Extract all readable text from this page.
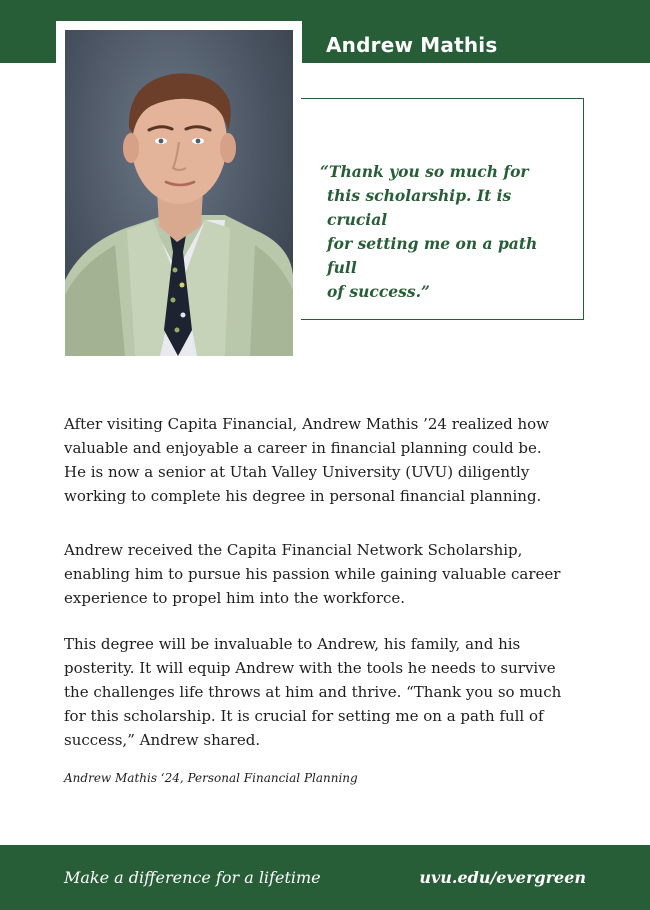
Andrew Mathis

“Thank you so much for
this scholarship. It is crucial
for setting me on a path full
of success.”

After visiting Capita Financial, Andrew Mathis ’24 realized how
valuable and enjoyable a career in financial planning could be.
He is now a senior at Utah Valley University (UVU) diligently
working to complete his degree in personal financial planning.

Andrew received the Capita Financial Network Scholarship,
enabling him to pursue his passion while gaining valuable career
experience to propel him into the workforce.

This degree will be invaluable to Andrew, his family, and his
posterity. It will equip Andrew with the tools he needs to survive
the challenges life throws at him and thrive. “Thank you so much
for this scholarship. It is crucial for setting me on a path full of
success,” Andrew shared.

Andrew Mathis ‘24, Personal Financial Planning

Make a difference for a lifetime	uvu.edu/evergreen
